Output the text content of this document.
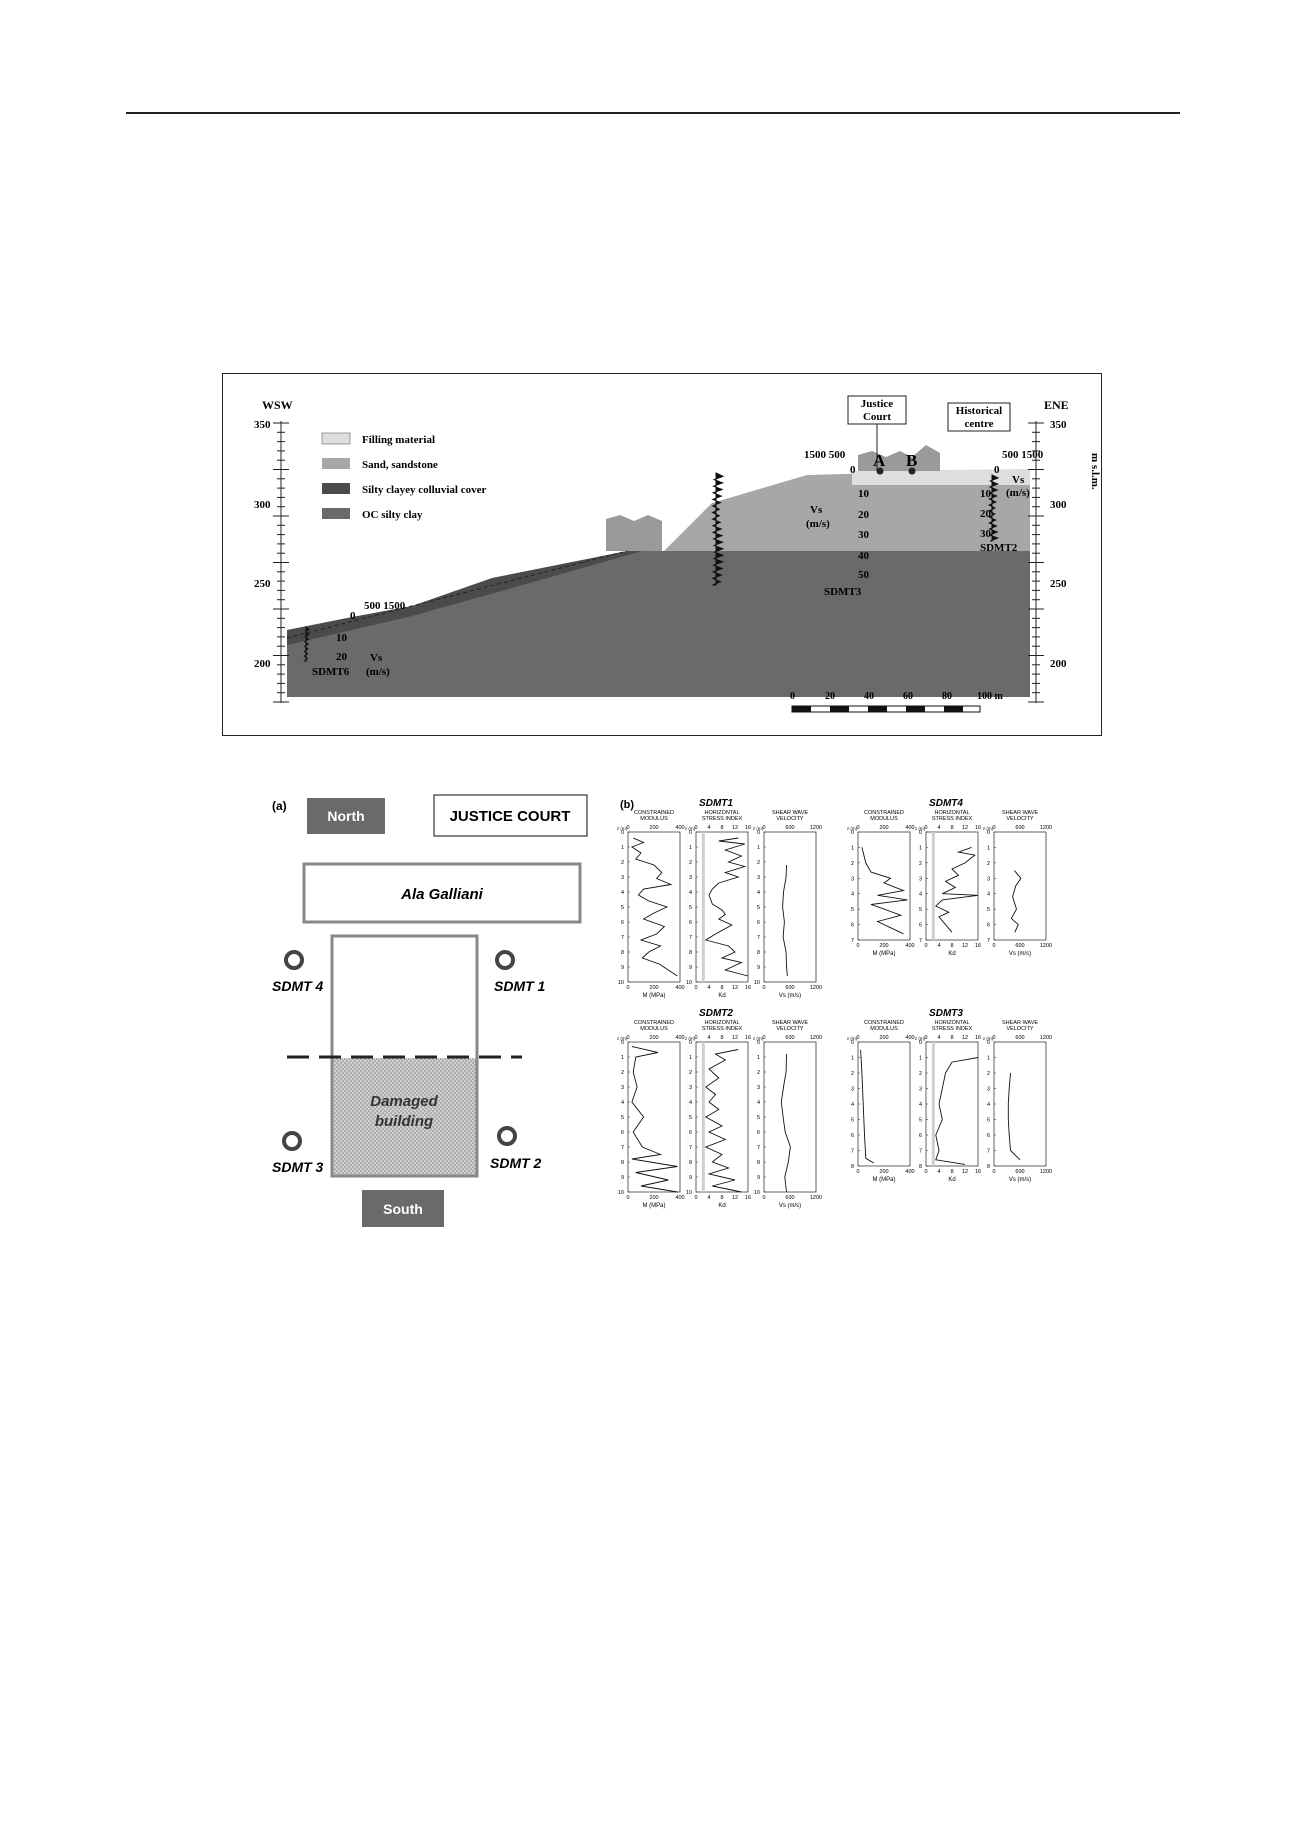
WSW
350
300
250
200
ENE
350
300
250
200
m s.l.m.
Filling material
Sand, sandstone
Silty clayey colluvial cover
OC silty clay
Justice
Court	Historical
centre
A B
1500 500
0
10
20
30
40
50
Vs
(m/s)
SDMT3
500 1500
0
10
20
30
Vs
(m/s)
SDMT2
500 1500
0
10
20 Vs
(m/s)
SDMT6
0	20	40	60	80	100 m
(a)
North	JUSTICE COURT
Ala Galliani
Damaged
building
SDMT 4	SDMT 1
SDMT 3	SDMT 2
South
(b)	SDMT1
CONSTRAINED
MODULUS
0
0
200
200
400
400
M (MPa)
z (m)
0
1
2
3
4
5
6
7
8
9
10
HORIZONTAL
STRESS INDEX
0
0
4
4
8
8
12
12
16
16
Kd
z (m)
0
1
2
3
4
5
6
7
8
9
10
SHEAR WAVE
VELOCITY
0
0
600
600
1200
1200
Vs (m/s)
z (m)
0
1
2
3
4
5
6
7
8
9
10
SDMT4
CONSTRAINED
MODULUS
0
0
200
200
400
400
M (MPa)
z (m)
0
1
2
3
4
5
6
7
HORIZONTAL
STRESS INDEX
0
0
4
4
8
8
12
12
16
16
Kd
z (m)
0
1
2
3
4
5
6
7
SHEAR WAVE
VELOCITY
0
0
600
600
1200
1200
Vs (m/s)
z (m)
0
1
2
3
4
5
6
7
SDMT2
CONSTRAINED
MODULUS
0
0
200
200
400
400
M (MPa)
z (m)
0
1
2
3
4
5
6
7
8
9
10
HORIZONTAL
STRESS INDEX
0
0
4
4
8
8
12
12
16
16
Kd
z (m)
0
1
2
3
4
5
6
7
8
9
10
SHEAR WAVE
VELOCITY
0
0
600
600
1200
1200
Vs (m/s)
z (m)
0
1
2
3
4
5
6
7
8
9
10
SDMT3
CONSTRAINED
MODULUS
0
0
200
200
400
400
M (MPa)
z (m)
0
1
2
3
4
5
6
7
8
HORIZONTAL
STRESS INDEX
0
0
4
4
8
8
12
12
16
16
Kd
z (m)
0
1
2
3
4
5
6
7
8
SHEAR WAVE
VELOCITY
0
0
600
600
1200
1200
Vs (m/s)
z (m)
0
1
2
3
4
5
6
7
8
